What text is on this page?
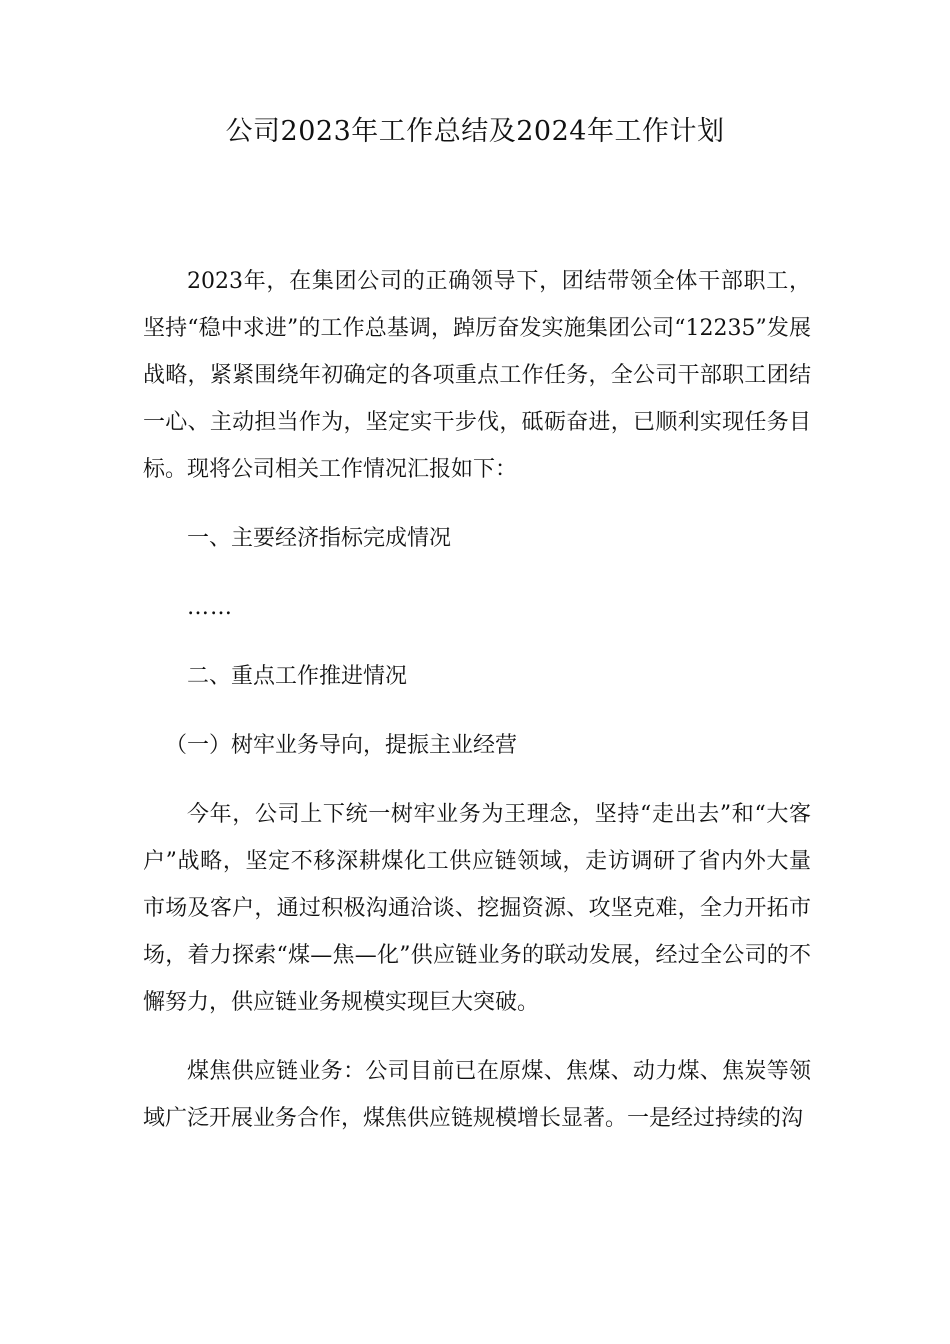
公司2023年工作总结及2024年工作计划

2023年，在集团公司的正确领导下，团结带领全体干部职工，坚持“稳中求进”的工作总基调，踔厉奋发实施集团公司“12235”发展战略，紧紧围绕年初确定的各项重点工作任务，全公司干部职工团结一心、主动担当作为，坚定实干步伐，砥砺奋进，已顺利实现任务目标。现将公司相关工作情况汇报如下：

一、主要经济指标完成情况

……

二、重点工作推进情况

（一）树牢业务导向，提振主业经营

今年，公司上下统一树牢业务为王理念，坚持“走出去”和“大客户”战略，坚定不移深耕煤化工供应链领域，走访调研了省内外大量市场及客户，通过积极沟通洽谈、挖掘资源、攻坚克难，全力开拓市场，着力探索“煤—焦—化”供应链业务的联动发展，经过全公司的不懈努力，供应链业务规模实现巨大突破。

煤焦供应链业务：公司目前已在原煤、焦煤、动力煤、焦炭等领域广泛开展业务合作，煤焦供应链规模增长显著。一是经过持续的沟
